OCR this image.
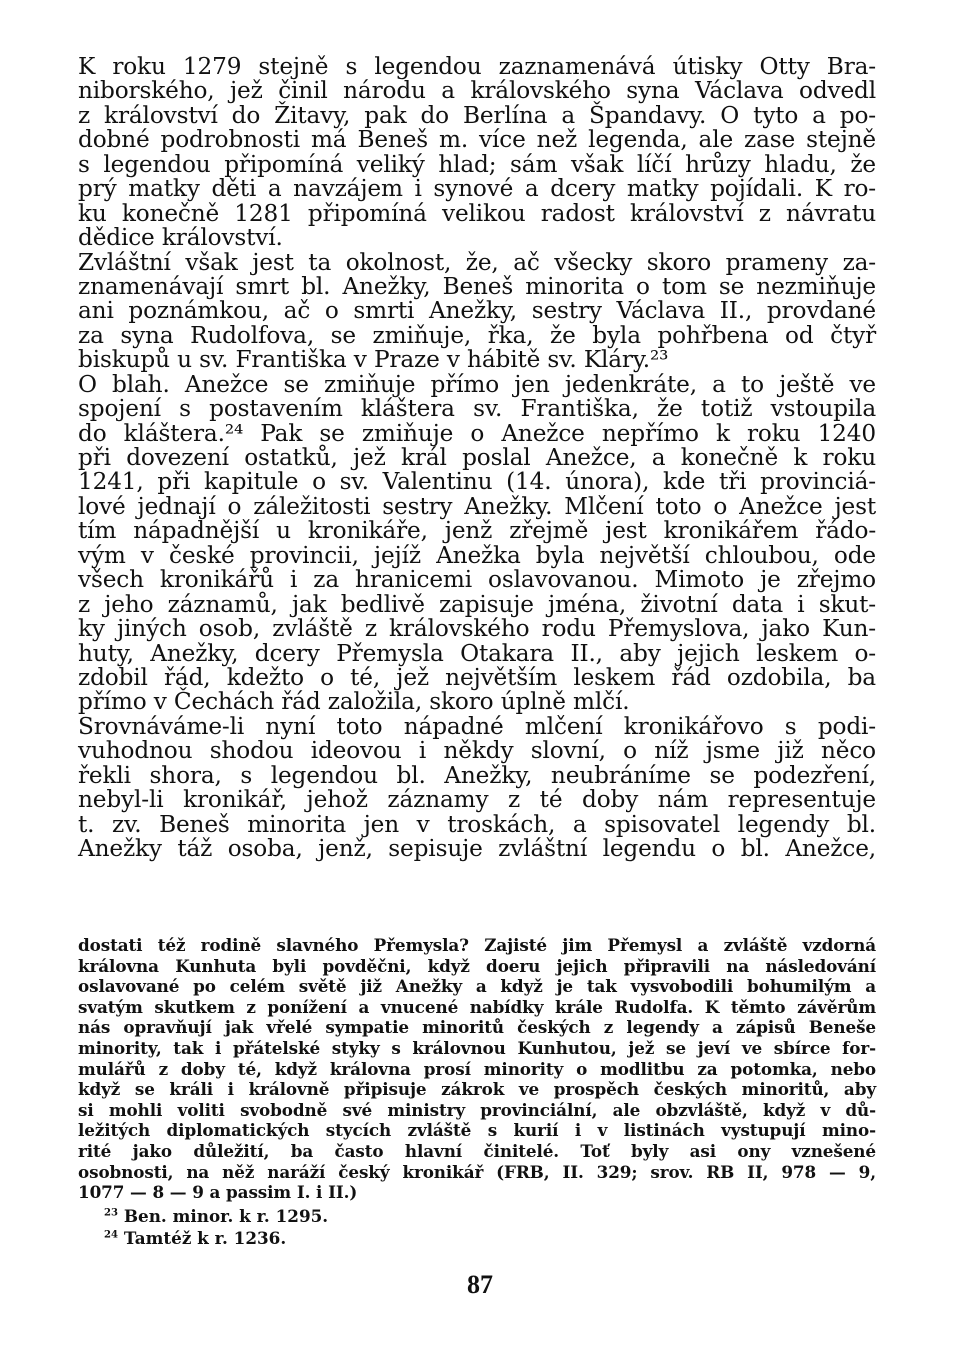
K roku 1279 stejně s legendou zaznamenává útisky Otty Bra-
niborského, jež činil národu a královského syna Václava odvedl
z království do Žitavy, pak do Berlína a Špandavy. O tyto a po-
dobné podrobnosti má Beneš m. více než legenda, ale zase stejně
s legendou připomíná veliký hlad; sám však líčí hrůzy hladu, že
prý matky děti a navzájem i synové a dcery matky pojídali. K ro-
ku konečně 1281 připomíná velikou radost království z návratu
dědice království.
Zvláštní však jest ta okolnost, že, ač všecky skoro prameny za-
znamenávají smrt bl. Anežky, Beneš minorita o tom se nezmiňuje
ani poznámkou, ač o smrti Anežky, sestry Václava II., provdané
za syna Rudolfova, se zmiňuje, řka, že byla pohřbena od čtyř
biskupů u sv. Františka v Praze v hábitě sv. Kláry.²³
O blah. Anežce se zmiňuje přímo jen jedenkráte, a to ještě ve
spojení s postavením kláštera sv. Františka, že totiž vstoupila
do kláštera.²⁴ Pak se zmiňuje o Anežce nepřímo k roku 1240
při dovezení ostatků, jež král poslal Anežce, a konečně k roku
1241, při kapitule o sv. Valentinu (14. února), kde tři provinciá-
lové jednají o záležitosti sestry Anežky. Mlčení toto o Anežce jest
tím nápadnější u kronikáře, jenž zřejmě jest kronikářem řádo-
vým v české provincii, jejíž Anežka byla největší chloubou, ode
všech kronikářů i za hranicemi oslavovanou. Mimoto je zřejmo
z jeho záznamů, jak bedlivě zapisuje jména, životní data i skut-
ky jiných osob, zvláště z královského rodu Přemyslova, jako Kun-
huty, Anežky, dcery Přemysla Otakara II., aby jejich leskem o-
zdobil řád, kdežto o té, jež největším leskem řád ozdobila, ba
přímo v Čechách řád založila, skoro úplně mlčí.
Srovnáváme-li nyní toto nápadné mlčení kronikářovo s podi-
vuhodnou shodou ideovou i někdy slovní, o níž jsme již něco
řekli shora, s legendou bl. Anežky, neubráníme se podezření,
nebyl-li kronikář, jehož záznamy z té doby nám representuje
t. zv. Beneš minorita jen v troskách, a spisovatel legendy bl.
Anežky táž osoba, jenž, sepisuje zvláštní legendu o bl. Anežce,
dostati též rodině slavného Přemysla? Zajisté jim Přemysl a zvláště vzdorná
královna Kunhuta byli povděčni, když doeru jejich připravili na následování
oslavované po celém světě již Anežky a když je tak vysvobodili bohumilým a
svatým skutkem z ponížení a vnucené nabídky krále Rudolfa. K těmto závěrům
nás opravňují jak vřelé sympatie minoritů českých z legendy a zápisů Beneše
minority, tak i přátelské styky s královnou Kunhutou, jež se jeví ve sbírce for-
mulářů z doby té, když královna prosí minority o modlitbu za potomka, nebo
když se králi i královně připisuje zákrok ve prospěch českých minoritů, aby
si mohli voliti svobodně své ministry provinciální, ale obzvláště, když v dů-
ležitých diplomatických stycích zvláště s kurií i v listinách vystupují mino-
rité jako důležití, ba často hlavní činitelé. Toť byly asi ony vznešené
osobnosti, na něž naráží český kronikář (FRB, II. 329; srov. RB II, 978 — 9,
1077 — 8 — 9 a passim I. i II.)
$^{23}$ Ben. minor. k r. 1295.
$^{24}$ Tamtéž k r. 1236.
87
